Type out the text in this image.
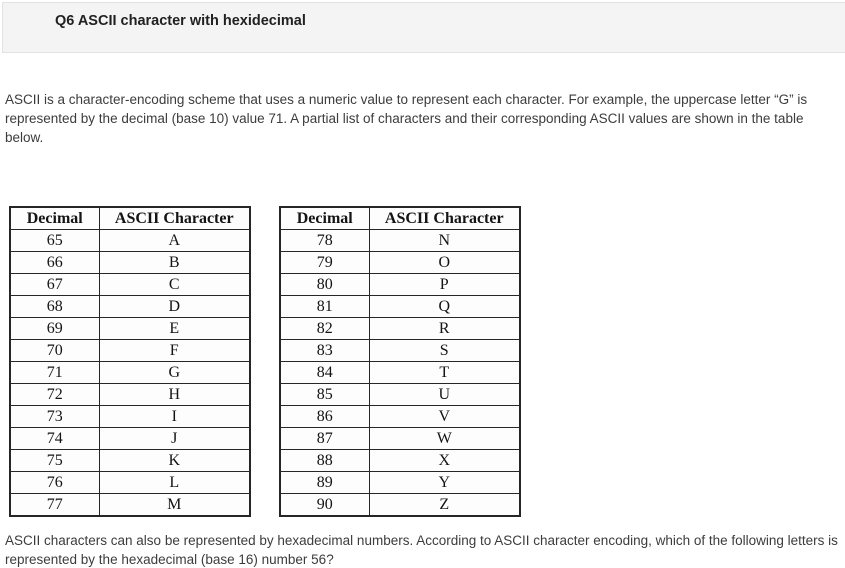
Q6 ASCII character with hexidecimal

ASCII is a character-encoding scheme that uses a numeric value to represent each character. For example, the uppercase letter “G” is represented by the decimal (base 10) value 71. A partial list of characters and their corresponding ASCII values are shown in the table below.

Decimal	ASCII Character
65	A
66	B
67	C
68	D
69	E
70	F
71	G
72	H
73	I
74	J
75	K
76	L
77	M
Decimal	ASCII Character
78	N
79	O
80	P
81	Q
82	R
83	S
84	T
85	U
86	V
87	W
88	X
89	Y
90	Z

ASCII characters can also be represented by hexadecimal numbers. According to ASCII character encoding, which of the following letters is represented by the hexadecimal (base 16) number 56?
